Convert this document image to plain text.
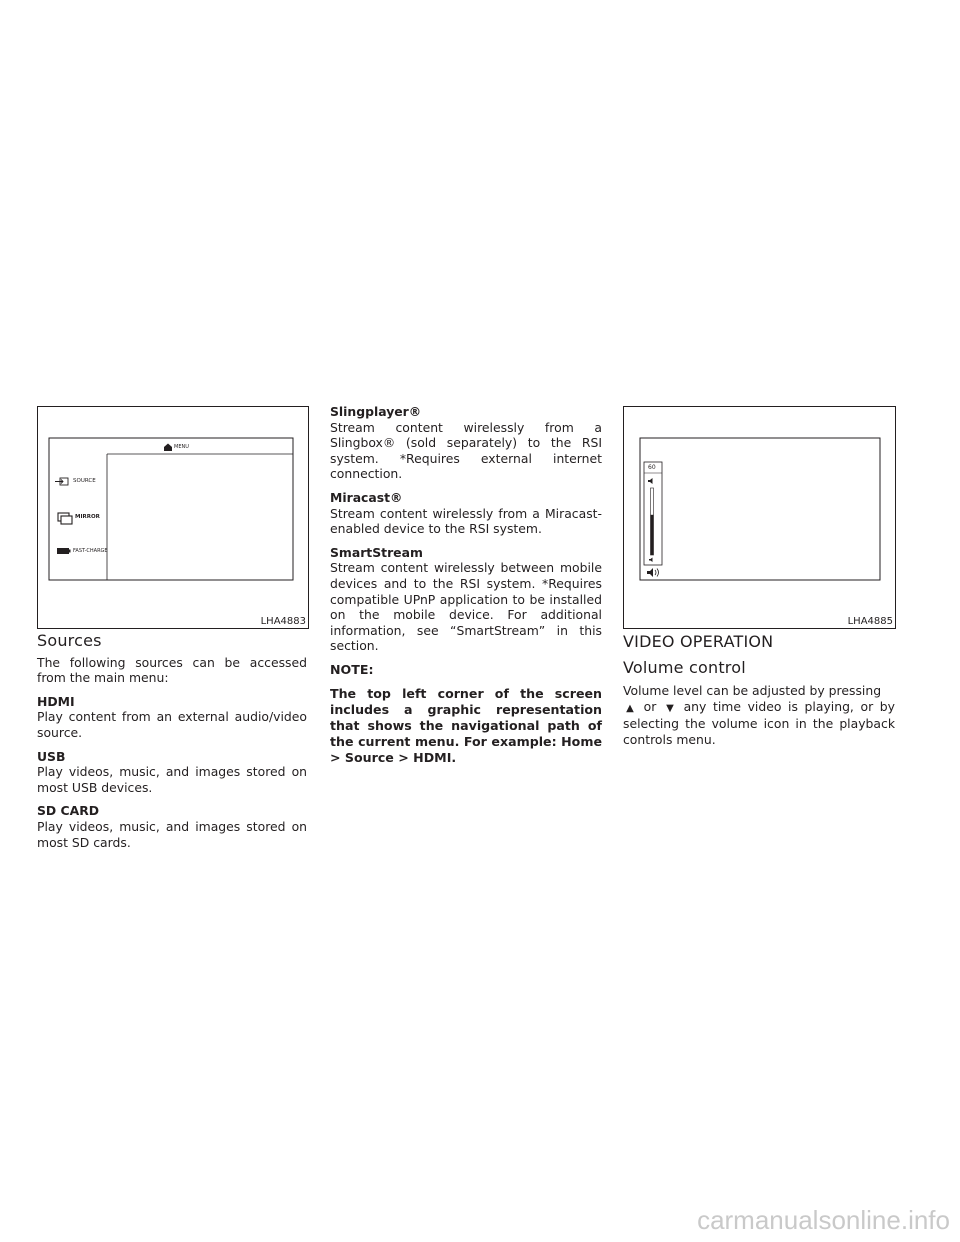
MENU
SOURCE
MIRROR
FAST-CHARGE
LHA4883
Sources

The following sources can be accessed from the main menu:

HDMI
Play content from an external audio/video source.

USB
Play videos, music, and images stored on most USB devices.

SD CARD
Play videos, music, and images stored on most SD cards.

Slingplayer®
Stream content wirelessly from a Slingbox® (sold separately) to the RSI system. *Requires external internet connection.

Miracast®
Stream content wirelessly from a Miracast-enabled device to the RSI system.

SmartStream
Stream content wirelessly between mobile devices and to the RSI system. *Requires compatible UPnP application to be installed on the mobile device. For additional information, see “SmartStream” in this section.

NOTE:

The top left corner of the screen includes a graphic representation that shows the navigational path of the current menu. For example: Home > Source > HDMI.

60
LHA4885
VIDEO OPERATION
Volume control

Volume level can be adjusted by pressing
▲ or ▼ any time video is playing, or by selecting the volume icon in the playback controls menu.

carmanualsonline.info
